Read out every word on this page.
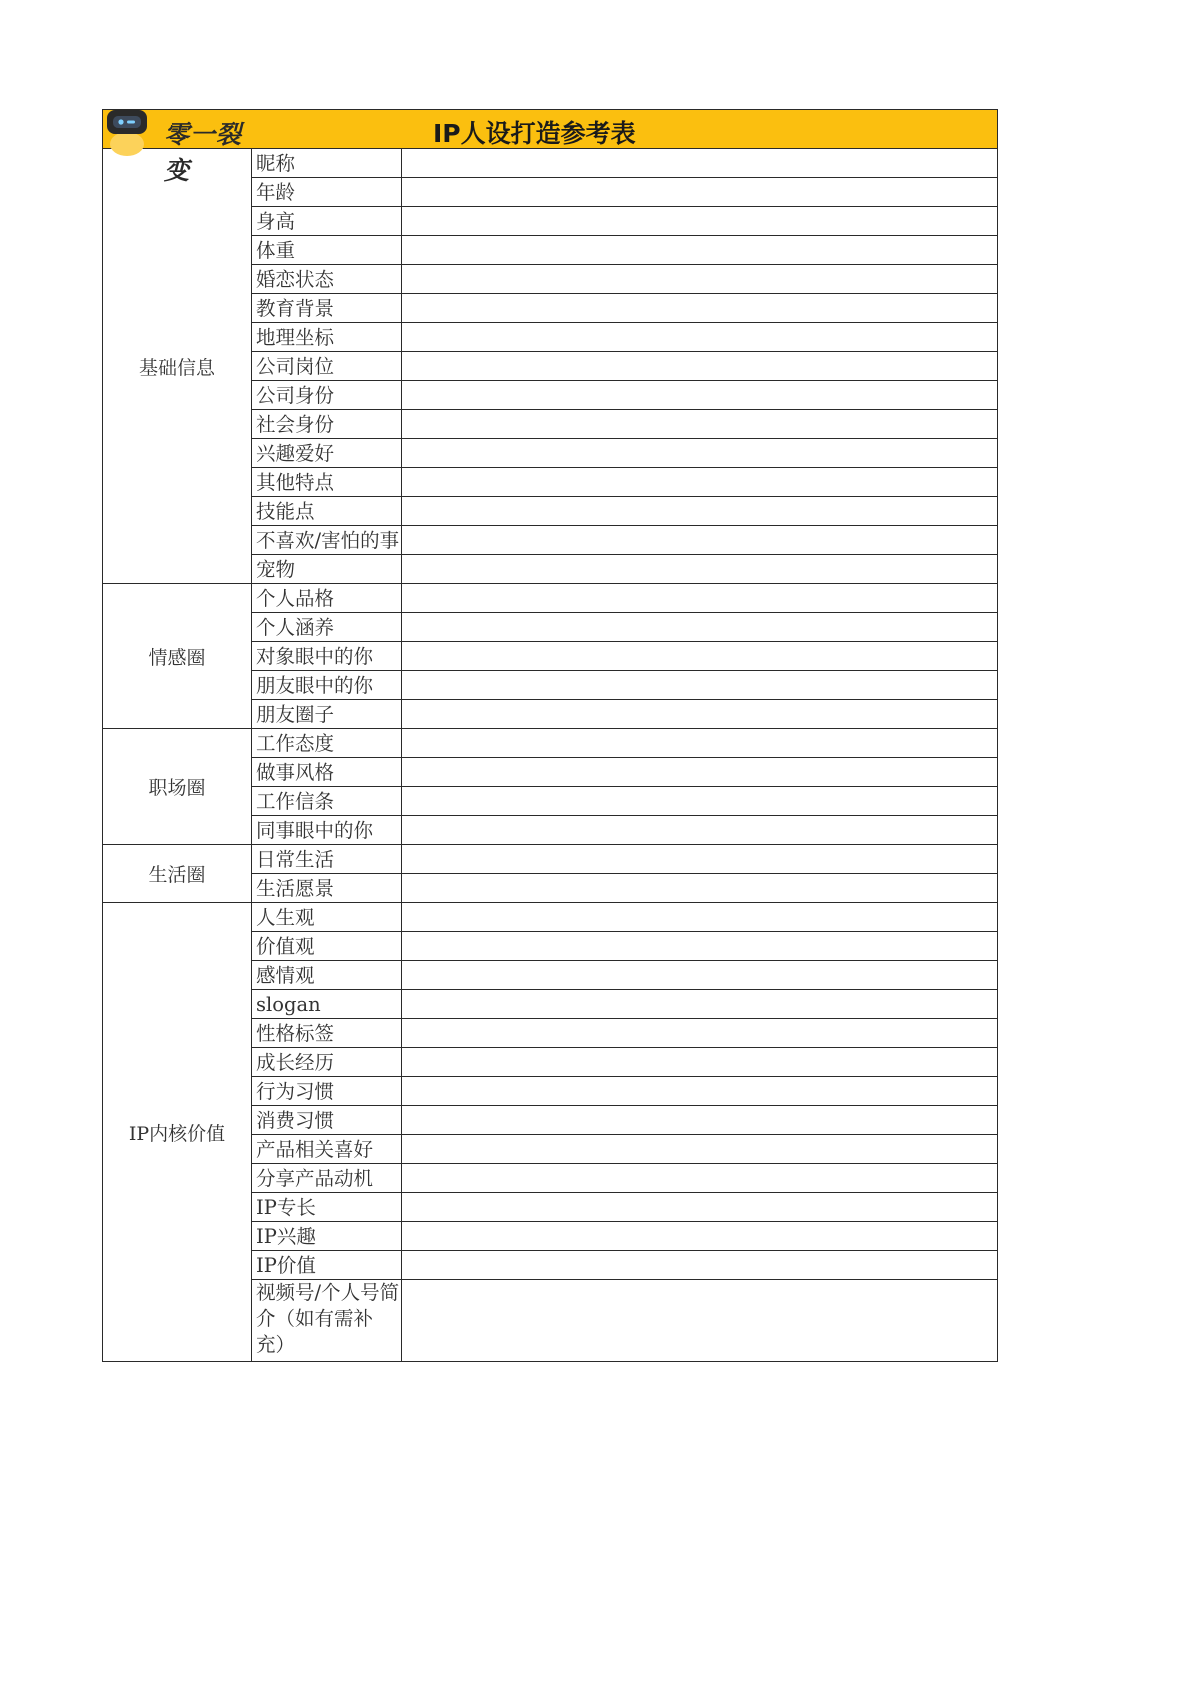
零一裂变
IP人设打造参考表
基础信息
情感圈
职场圈
生活圈
IP内核价值
昵称
年龄
身高
体重
婚恋状态
教育背景
地理坐标
公司岗位
公司身份
社会身份
兴趣爱好
其他特点
技能点
不喜欢/害怕的事
宠物
个人品格
个人涵养
对象眼中的你
朋友眼中的你
朋友圈子
工作态度
做事风格
工作信条
同事眼中的你
日常生活
生活愿景
人生观
价值观
感情观
slogan
性格标签
成长经历
行为习惯
消费习惯
产品相关喜好
分享产品动机
IP专长
IP兴趣
IP价值
视频号/个人号简介（如有需补充）
